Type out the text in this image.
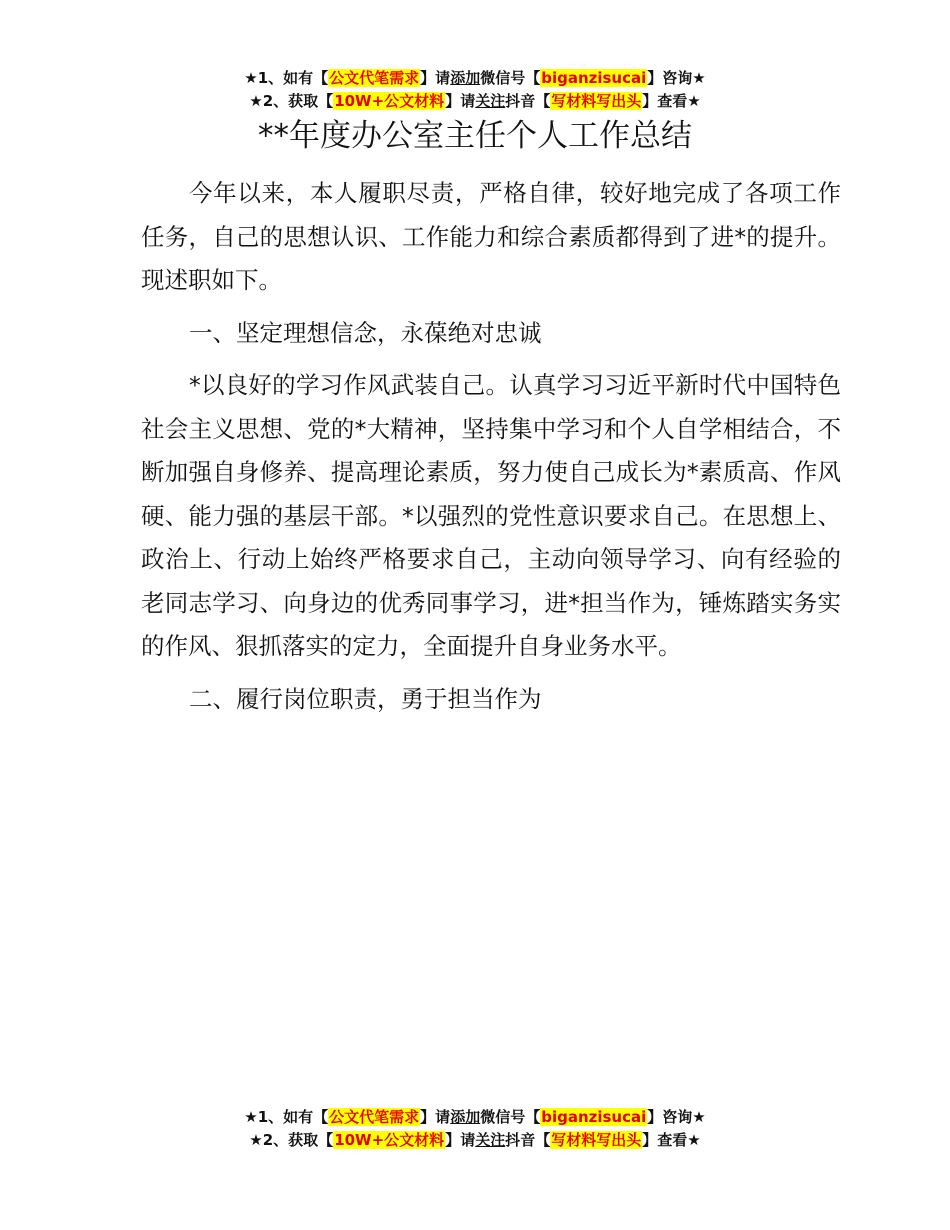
★1、如有【公文代笔需求】请添加微信号【biganzisucai】咨询★
★2、获取【10W+公文材料】请关注抖音【写材料写出头】查看★
**年度办公室主任个人工作总结

今年以来，本人履职尽责，严格自律，较好地完成了各项工作任务，自己的思想认识、工作能力和综合素质都得到了进*的提升。现述职如下。

一、坚定理想信念，永葆绝对忠诚

*以良好的学习作风武装自己。认真学习习近平新时代中国特色社会主义思想、党的*大精神，坚持集中学习和个人自学相结合，不断加强自身修养、提高理论素质，努力使自己成长为*素质高、作风硬、能力强的基层干部。*以强烈的党性意识要求自己。在思想上、政治上、行动上始终严格要求自己，主动向领导学习、向有经验的老同志学习、向身边的优秀同事学习，进*担当作为，锤炼踏实务实的作风、狠抓落实的定力，全面提升自身业务水平。

二、履行岗位职责，勇于担当作为

★1、如有【公文代笔需求】请添加微信号【biganzisucai】咨询★
★2、获取【10W+公文材料】请关注抖音【写材料写出头】查看★
